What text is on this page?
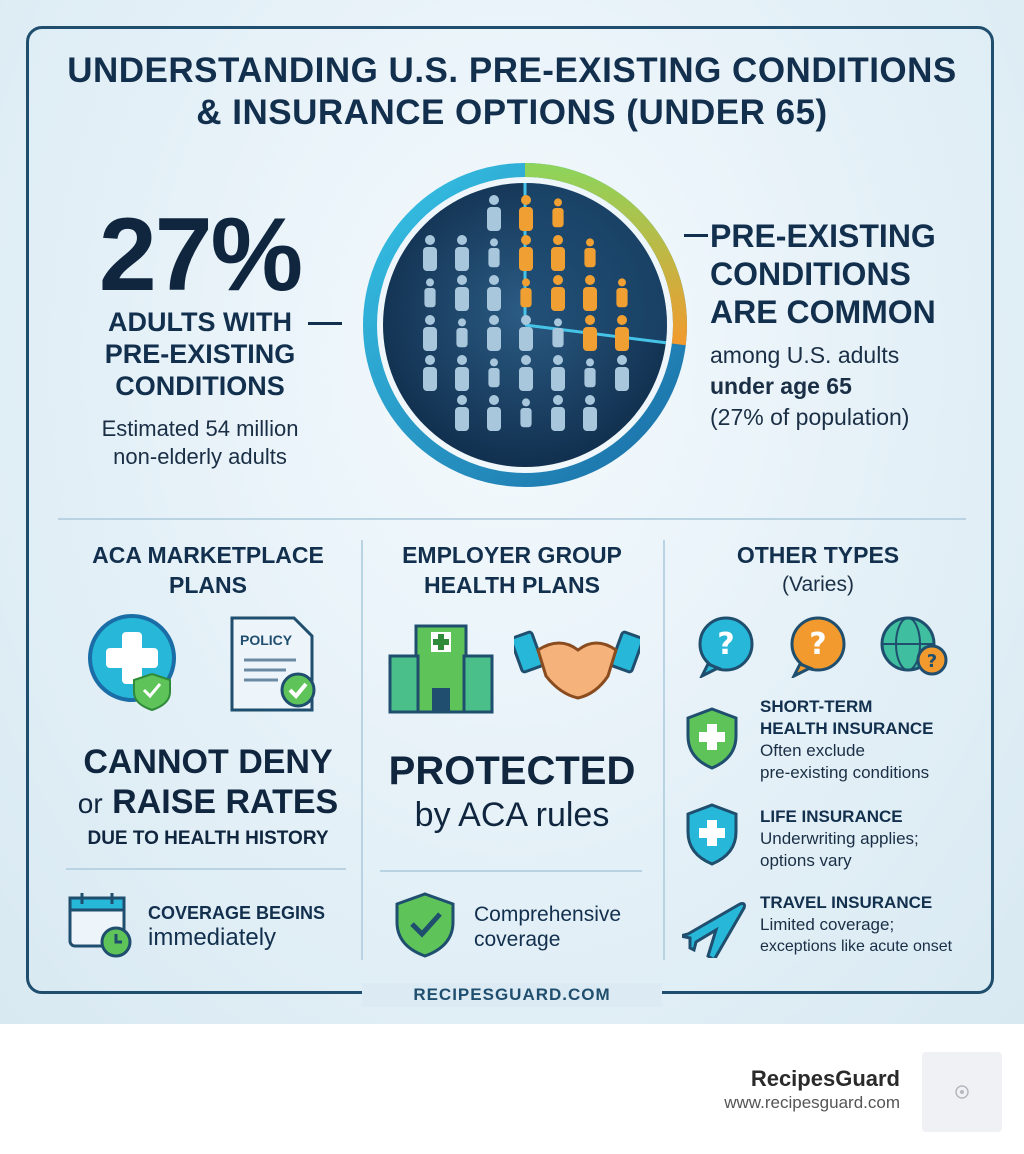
UNDERSTANDING U.S. PRE-EXISTING CONDITIONS
& INSURANCE OPTIONS (UNDER 65)
27%
ADULTS WITH
PRE-EXISTING
CONDITIONS
Estimated 54 million
non-elderly adults
PRE-EXISTING
CONDITIONS
ARE COMMON
among U.S. adults
under age 65
(27% of population)
ACA MARKETPLACE
PLANS
POLICY
CANNOT DENY
or RAISE RATES
DUE TO HEALTH HISTORY
COVERAGE BEGINS
immediately
EMPLOYER GROUP
HEALTH PLANS
PROTECTED
by ACA rules
Comprehensive
coverage
OTHER TYPES
(Varies)
? ?	?
SHORT-TERM
HEALTH INSURANCE
Often exclude
pre-existing conditions
LIFE INSURANCE
Underwriting applies;
options vary
TRAVEL INSURANCE
Limited coverage;
exceptions like acute onset
RECIPESGUARD.COM
RecipesGuard
www.recipesguard.com
